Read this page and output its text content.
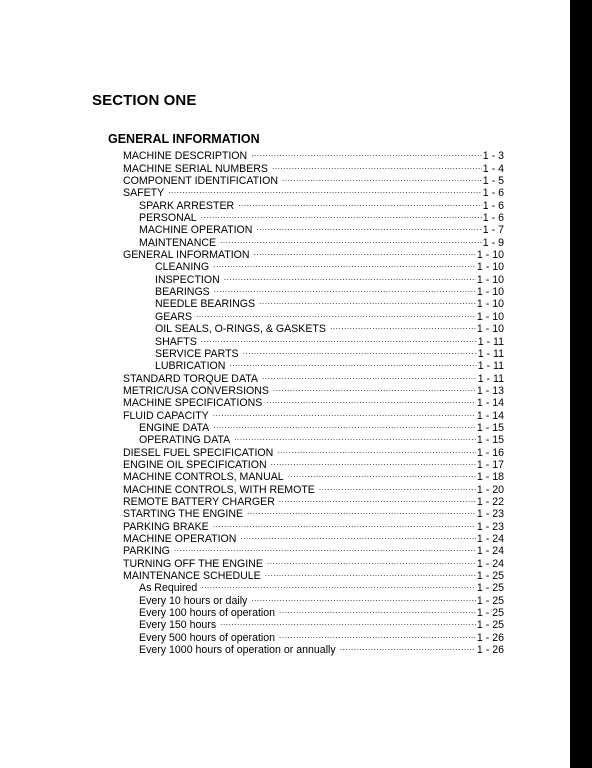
SECTION ONE
GENERAL INFORMATION
MACHINE DESCRIPTION .....	1 - 3
MACHINE SERIAL NUMBERS .....	1 - 4
COMPONENT IDENTIFICATION .....	1 - 5
SAFETY .....	1 - 6
SPARK ARRESTER .....	1 - 6
PERSONAL .....	1 - 6
MACHINE OPERATION .....	1 - 7
MAINTENANCE .....	1 - 9
GENERAL INFORMATION .....	1 - 10
CLEANING .....	1 - 10
INSPECTION .....	1 - 10
BEARINGS .....	1 - 10
NEEDLE BEARINGS .....	1 - 10
GEARS .....	1 - 10
OIL SEALS, O-RINGS, & GASKETS .....	1 - 10
SHAFTS .....	1 - 11
SERVICE PARTS .....	1 - 11
LUBRICATION .....	1 - 11
STANDARD TORQUE DATA .....	1 - 11
METRIC/USA CONVERSIONS .....	1 - 13
MACHINE SPECIFICATIONS .....	1 - 14
FLUID CAPACITY .....	1 - 14
ENGINE DATA .....	1 - 15
OPERATING DATA .....	1 - 15
DIESEL FUEL SPECIFICATION .....	1 - 16
ENGINE OIL SPECIFICATION .....	1 - 17
MACHINE CONTROLS, MANUAL .....	1 - 18
MACHINE CONTROLS, WITH REMOTE .....	1 - 20
REMOTE BATTERY CHARGER .....	1 - 22
STARTING THE ENGINE .....	1 - 23
PARKING BRAKE .....	1 - 23
MACHINE OPERATION .....	1 - 24
PARKING .....	1 - 24
TURNING OFF THE ENGINE .....	1 - 24
MAINTENANCE SCHEDULE .....	1 - 25
As Required .....	1 - 25
Every 10 hours or daily .....	1 - 25
Every 100 hours of operation .....	1 - 25
Every 150 hours .....	1 - 25
Every 500 hours of operation .....	1 - 26
Every 1000 hours of operation or annually .....	1 - 26
